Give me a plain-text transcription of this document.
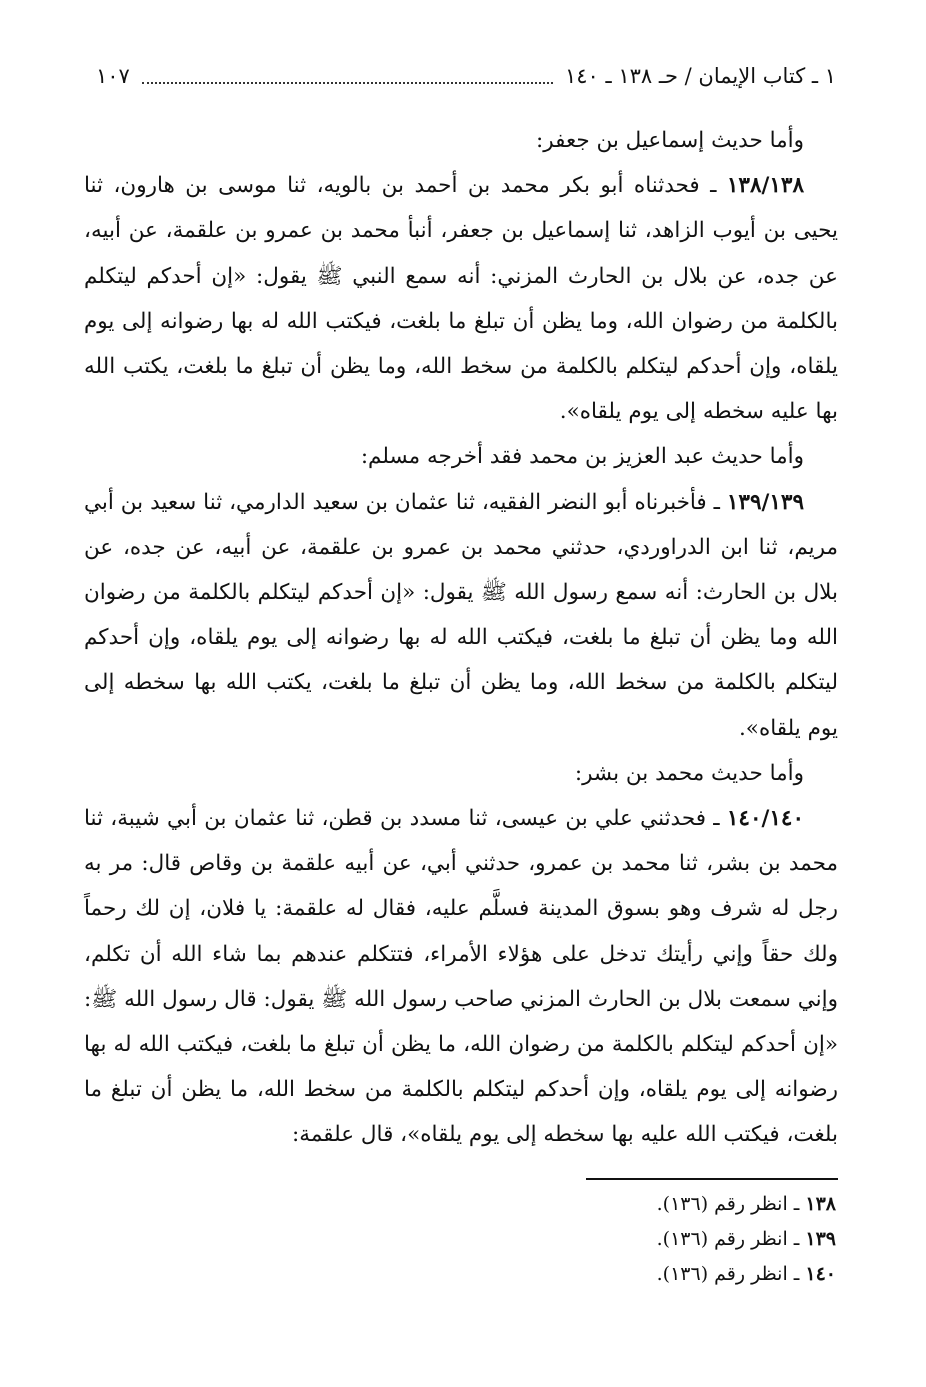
١ ـ كتاب الإيمان / حـ ١٣٨ ـ ١٤٠
١٠٧

وأما حديث إسماعيل بن جعفر:

١٣٨/١٣٨ ـ فحدثناه أبو بكر محمد بن أحمد بن بالويه، ثنا موسى بن هارون، ثنا يحيى بن أيوب الزاهد، ثنا إسماعيل بن جعفر، أنبأ محمد بن عمرو بن علقمة، عن أبيه، عن جده، عن بلال بن الحارث المزني: أنه سمع النبي ﷺ يقول: «إن أحدكم ليتكلم بالكلمة من رضوان الله، وما يظن أن تبلغ ما بلغت، فيكتب الله له بها رضوانه إلى يوم يلقاه، وإن أحدكم ليتكلم بالكلمة من سخط الله، وما يظن أن تبلغ ما بلغت، يكتب الله بها عليه سخطه إلى يوم يلقاه».

وأما حديث عبد العزيز بن محمد فقد أخرجه مسلم:

١٣٩/١٣٩ ـ فأخبرناه أبو النضر الفقيه، ثنا عثمان بن سعيد الدارمي، ثنا سعيد بن أبي مريم، ثنا ابن الدراوردي، حدثني محمد بن عمرو بن علقمة، عن أبيه، عن جده، عن بلال بن الحارث: أنه سمع رسول الله ﷺ يقول: «إن أحدكم ليتكلم بالكلمة من رضوان الله وما يظن أن تبلغ ما بلغت، فيكتب الله له بها رضوانه إلى يوم يلقاه، وإن أحدكم ليتكلم بالكلمة من سخط الله، وما يظن أن تبلغ ما بلغت، يكتب الله بها سخطه إلى يوم يلقاه».

وأما حديث محمد بن بشر:

١٤٠/١٤٠ ـ فحدثني علي بن عيسى، ثنا مسدد بن قطن، ثنا عثمان بن أبي شيبة، ثنا محمد بن بشر، ثنا محمد بن عمرو، حدثني أبي، عن أبيه علقمة بن وقاص قال: مر به رجل له شرف وهو بسوق المدينة فسلَّم عليه، فقال له علقمة: يا فلان، إن لك رحماً ولك حقاً وإني رأيتك تدخل على هؤلاء الأمراء، فتتكلم عندهم بما شاء الله أن تكلم، وإني سمعت بلال بن الحارث المزني صاحب رسول الله ﷺ يقول: قال رسول الله ﷺ: «إن أحدكم ليتكلم بالكلمة من رضوان الله، ما يظن أن تبلغ ما بلغت، فيكتب الله له بها رضوانه إلى يوم يلقاه، وإن أحدكم ليتكلم بالكلمة من سخط الله، ما يظن أن تبلغ ما بلغت، فيكتب الله عليه بها سخطه إلى يوم يلقاه»، قال علقمة:

١٣٨ ـ انظر رقم (١٣٦).

١٣٩ ـ انظر رقم (١٣٦).

١٤٠ ـ انظر رقم (١٣٦).
